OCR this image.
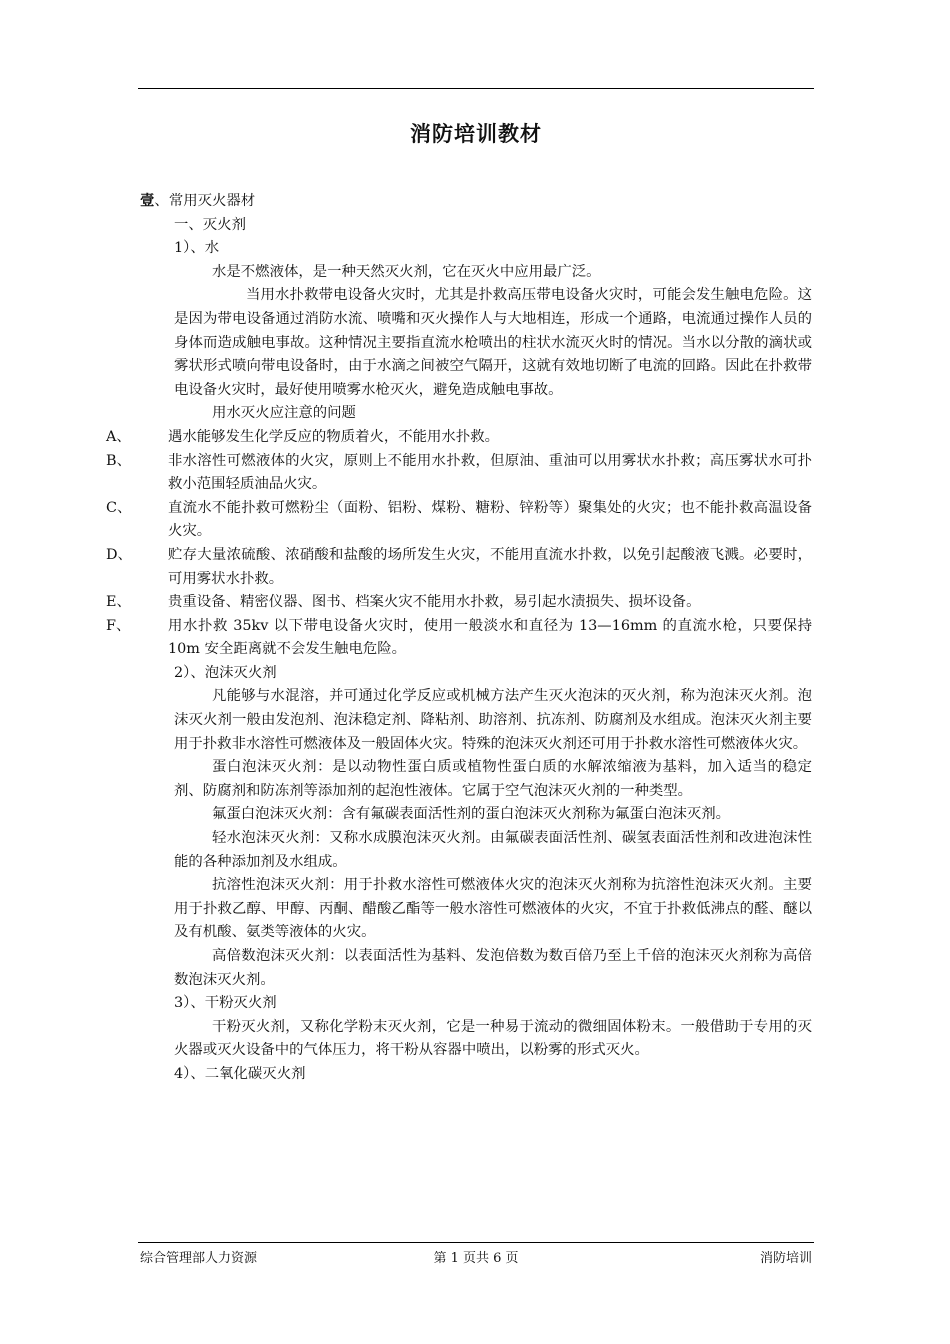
消防培训教材
壹、常用灭火器材
一、灭火剂
1）、水
水是不燃液体，是一种天然灭火剂，它在灭火中应用最广泛。
当用水扑救带电设备火灾时，尤其是扑救高压带电设备火灾时，可能会发生触电危险。这是因为带电设备通过消防水流、喷嘴和灭火操作人与大地相连，形成一个通路，电流通过操作人员的身体而造成触电事故。这种情况主要指直流水枪喷出的柱状水流灭火时的情况。当水以分散的滴状或雾状形式喷向带电设备时，由于水滴之间被空气隔开，这就有效地切断了电流的回路。因此在扑救带电设备火灾时，最好使用喷雾水枪灭火，避免造成触电事故。
用水灭火应注意的问题
A、	遇水能够发生化学反应的物质着火，不能用水扑救。
B、	非水溶性可燃液体的火灾，原则上不能用水扑救，但原油、重油可以用雾状水扑救；高压雾状水可扑救小范围轻质油品火灾。
C、	直流水不能扑救可燃粉尘（面粉、铝粉、煤粉、糖粉、锌粉等）聚集处的火灾；也不能扑救高温设备火灾。
D、	贮存大量浓硫酸、浓硝酸和盐酸的场所发生火灾，不能用直流水扑救，以免引起酸液飞溅。必要时，可用雾状水扑救。
E、	贵重设备、精密仪器、图书、档案火灾不能用水扑救，易引起水渍损失、损坏设备。
F、	用水扑救 35kv 以下带电设备火灾时，使用一般淡水和直径为 13—16mm 的直流水枪，只要保持 10m 安全距离就不会发生触电危险。
2）、泡沫灭火剂
凡能够与水混溶，并可通过化学反应或机械方法产生灭火泡沫的灭火剂，称为泡沫灭火剂。泡沫灭火剂一般由发泡剂、泡沫稳定剂、降粘剂、助溶剂、抗冻剂、防腐剂及水组成。泡沫灭火剂主要用于扑救非水溶性可燃液体及一般固体火灾。特殊的泡沫灭火剂还可用于扑救水溶性可燃液体火灾。
蛋白泡沫灭火剂：是以动物性蛋白质或植物性蛋白质的水解浓缩液为基料，加入适当的稳定剂、防腐剂和防冻剂等添加剂的起泡性液体。它属于空气泡沫灭火剂的一种类型。
氟蛋白泡沫灭火剂：含有氟碳表面活性剂的蛋白泡沫灭火剂称为氟蛋白泡沫灭剂。
轻水泡沫灭火剂：又称水成膜泡沫灭火剂。由氟碳表面活性剂、碳氢表面活性剂和改进泡沫性能的各种添加剂及水组成。
抗溶性泡沫灭火剂：用于扑救水溶性可燃液体火灾的泡沫灭火剂称为抗溶性泡沫灭火剂。主要用于扑救乙醇、甲醇、丙酮、醋酸乙酯等一般水溶性可燃液体的火灾，不宜于扑救低沸点的醛、醚以及有机酸、氨类等液体的火灾。
高倍数泡沫灭火剂：以表面活性为基料、发泡倍数为数百倍乃至上千倍的泡沫灭火剂称为高倍数泡沫灭火剂。
3）、干粉灭火剂
干粉灭火剂，又称化学粉末灭火剂，它是一种易于流动的微细固体粉末。一般借助于专用的灭火器或灭火设备中的气体压力，将干粉从容器中喷出，以粉雾的形式灭火。
4）、二氧化碳灭火剂
综合管理部人力资源	第 1 页共 6 页	消防培训
